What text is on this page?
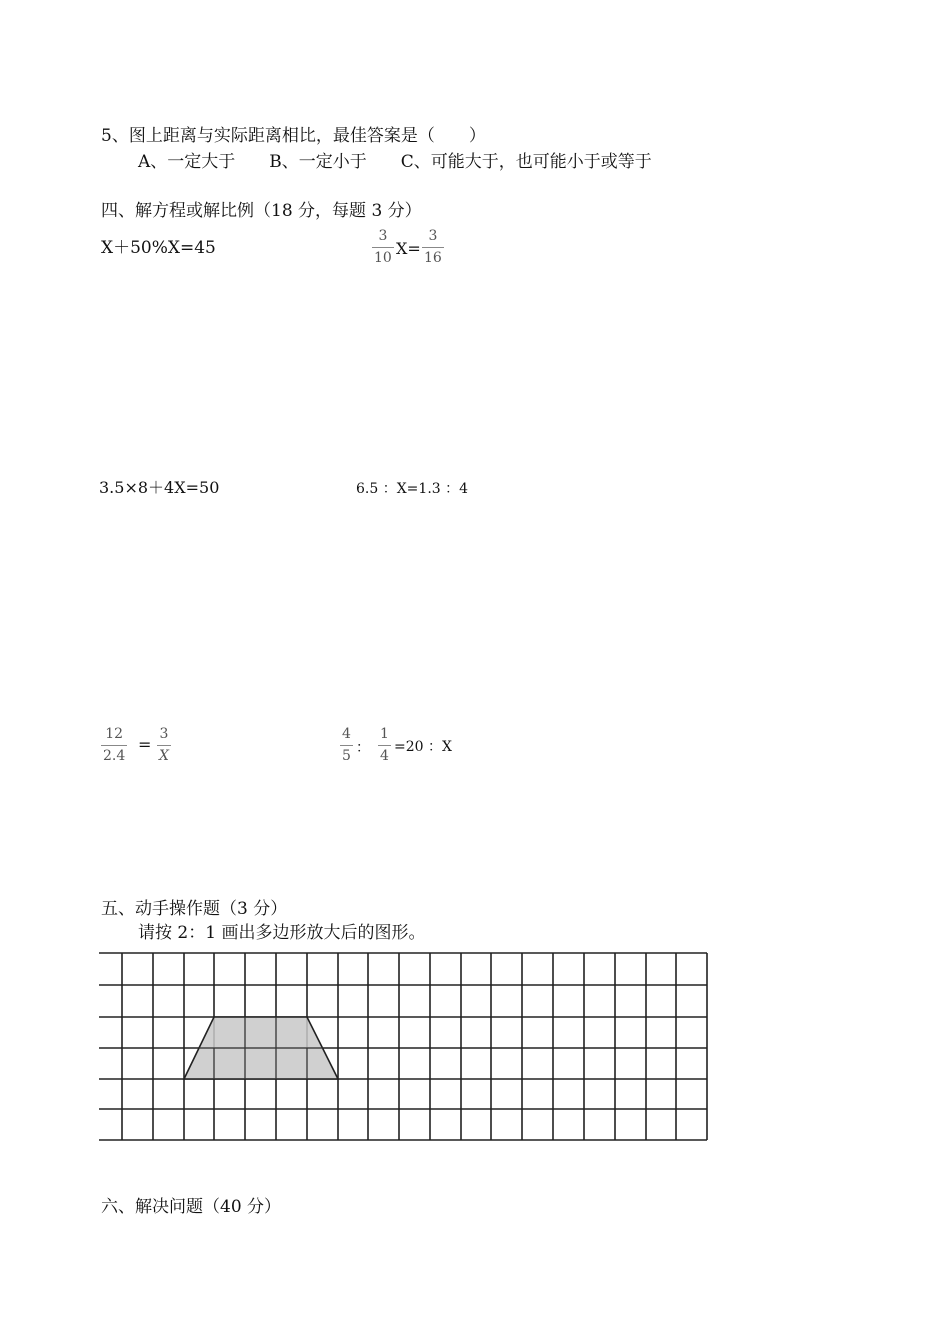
5、图上距离与实际距离相比，最佳答案是（　　）
A、一定大于　　B、一定小于　　C、可能大于，也可能小于或等于
四、解方程或解比例（18 分，每题 3 分）
X＋50%X=45
3
10 X=
3
16
3.5×8＋4X=50	6.5 ：X=1.3 ：4
12
2.4
=
3
X
4
5 ：
1
4
=20 ：X
五、动手操作题（3 分）
请按 2：1 画出多边形放大后的图形。
六、解决问题（40 分）
